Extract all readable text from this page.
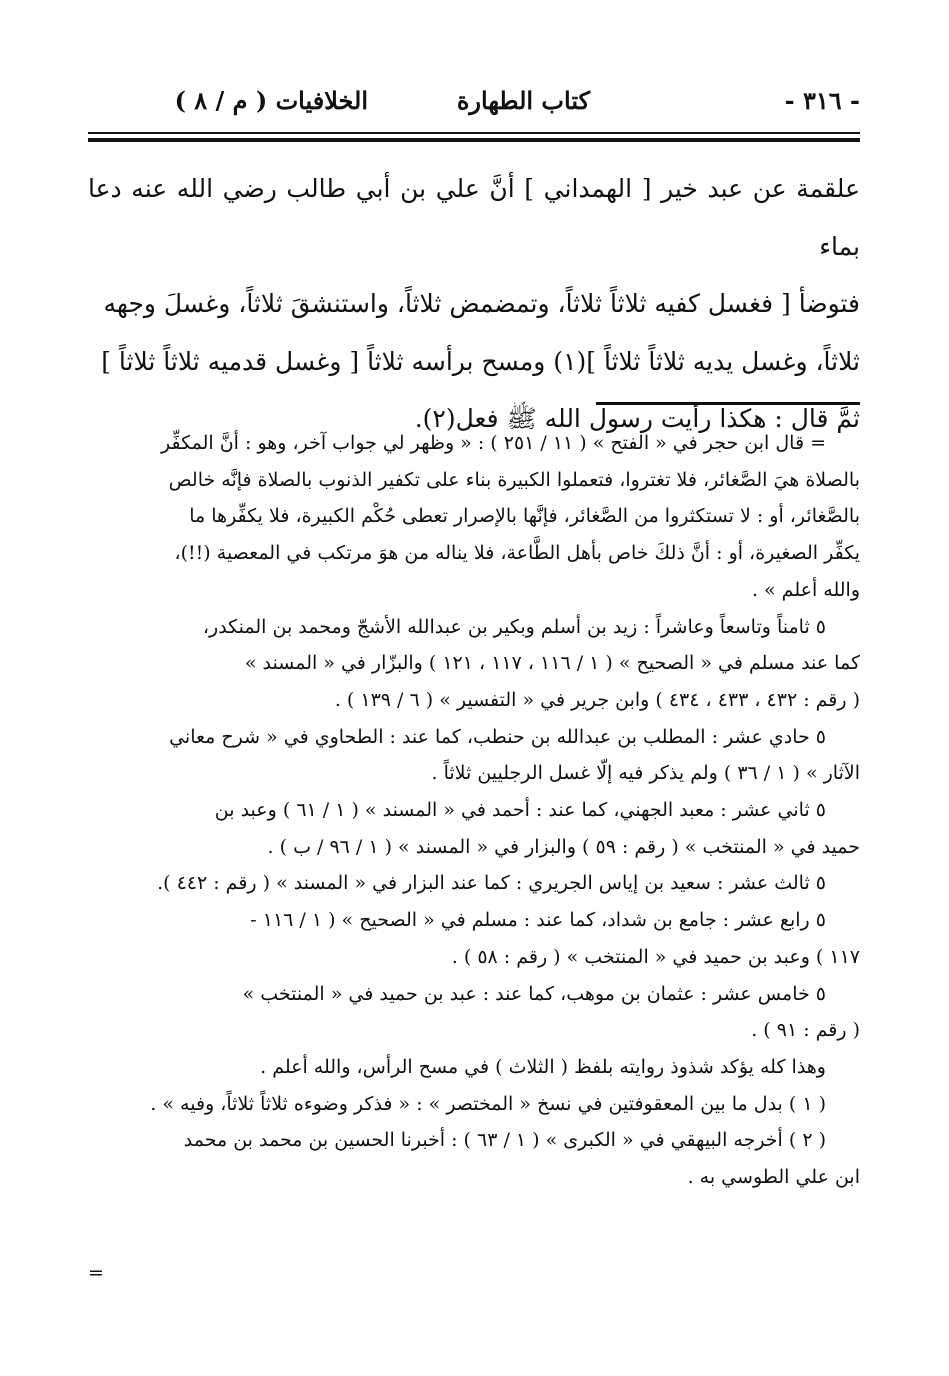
- ٣١٦ -
كتاب الطهارة
الخلافيات ( م / ٨ )

علقمة عن عبد خير [ الهمداني ] أنَّ علي بن أبي طالب رضي الله عنه دعا بماء

فتوضأ [ فغسل كفيه ثلاثاً ثلاثاً، وتمضمض ثلاثاً، واستنشقَ ثلاثاً، وغسلَ وجهه

ثلاثاً، وغسل يديه ثلاثاً ثلاثاً ](١) ومسح برأسه ثلاثاً [ وغسل قدميه ثلاثاً ثلاثاً ]

ثمَّ قال : هكذا رأيت رسول الله ﷺ فعل(٢).

= قال ابن حجر في « الفتح » ( ١١ / ٢٥١ ) : « وظهر لي جواب آخر، وهو : أنَّ المكفِّر

بالصلاة هيَ الصَّغائر، فلا تغتروا، فتعملوا الكبيرة بناء على تكفير الذنوب بالصلاة فإنَّه خالص

بالصَّغائر، أو : لا تستكثروا من الصَّغائر، فإنَّها بالإصرار تعطى حُكْم الكبيرة، فلا يكفِّرها ما

يكفِّر الصغيرة، أو : أنَّ ذلكَ خاص بأهل الطَّاعة، فلا يناله من هوَ مرتكب في المعصية (!!)،

والله أعلم » .

٥ ثامناً وتاسعاً وعاشراً : زيد بن أسلم وبكير بن عبدالله الأشجّ ومحمد بن المنكدر،

كما عند مسلم في « الصحيح » ( ١ / ١١٦ ، ١١٧ ، ١٢١ ) والبزّار في « المسند »

( رقم : ٤٣٢ ، ٤٣٣ ، ٤٣٤ ) وابن جرير في « التفسير » ( ٦ / ١٣٩ ) .

٥ حادي عشر : المطلب بن عبدالله بن حنطب، كما عند : الطحاوي في « شرح معاني

الآثار » ( ١ / ٣٦ ) ولم يذكر فيه إلّا غسل الرجليين ثلاثاً .

٥ ثاني عشر : معبد الجهني، كما عند : أحمد في « المسند » ( ١ / ٦١ ) وعبد بن

حميد في « المنتخب » ( رقم : ٥٩ ) والبزار في « المسند » ( ١ / ٩٦ / ب ) .

٥ ثالث عشر : سعيد بن إياس الجريري : كما عند البزار في « المسند » ( رقم : ٤٤٢ ).

٥ رابع عشر : جامع بن شداد، كما عند : مسلم في « الصحيح » ( ١ / ١١٦ -

١١٧ ) وعبد بن حميد في « المنتخب » ( رقم : ٥٨ ) .

٥ خامس عشر : عثمان بن موهب، كما عند : عبد بن حميد في « المنتخب »

( رقم : ٩١ ) .

وهذا كله يؤكد شذوذ روايته بلفظ ( الثلاث ) في مسح الرأس، والله أعلم .

( ١ ) بدل ما بين المعقوفتين في نسخ « المختصر » : « فذكر وضوءه ثلاثاً ثلاثاً، وفيه » .

( ٢ ) أخرجه البيهقي في « الكبرى » ( ١ / ٦٣ ) : أخبرنا الحسين بن محمد بن محمد

ابن علي الطوسي به .

=
